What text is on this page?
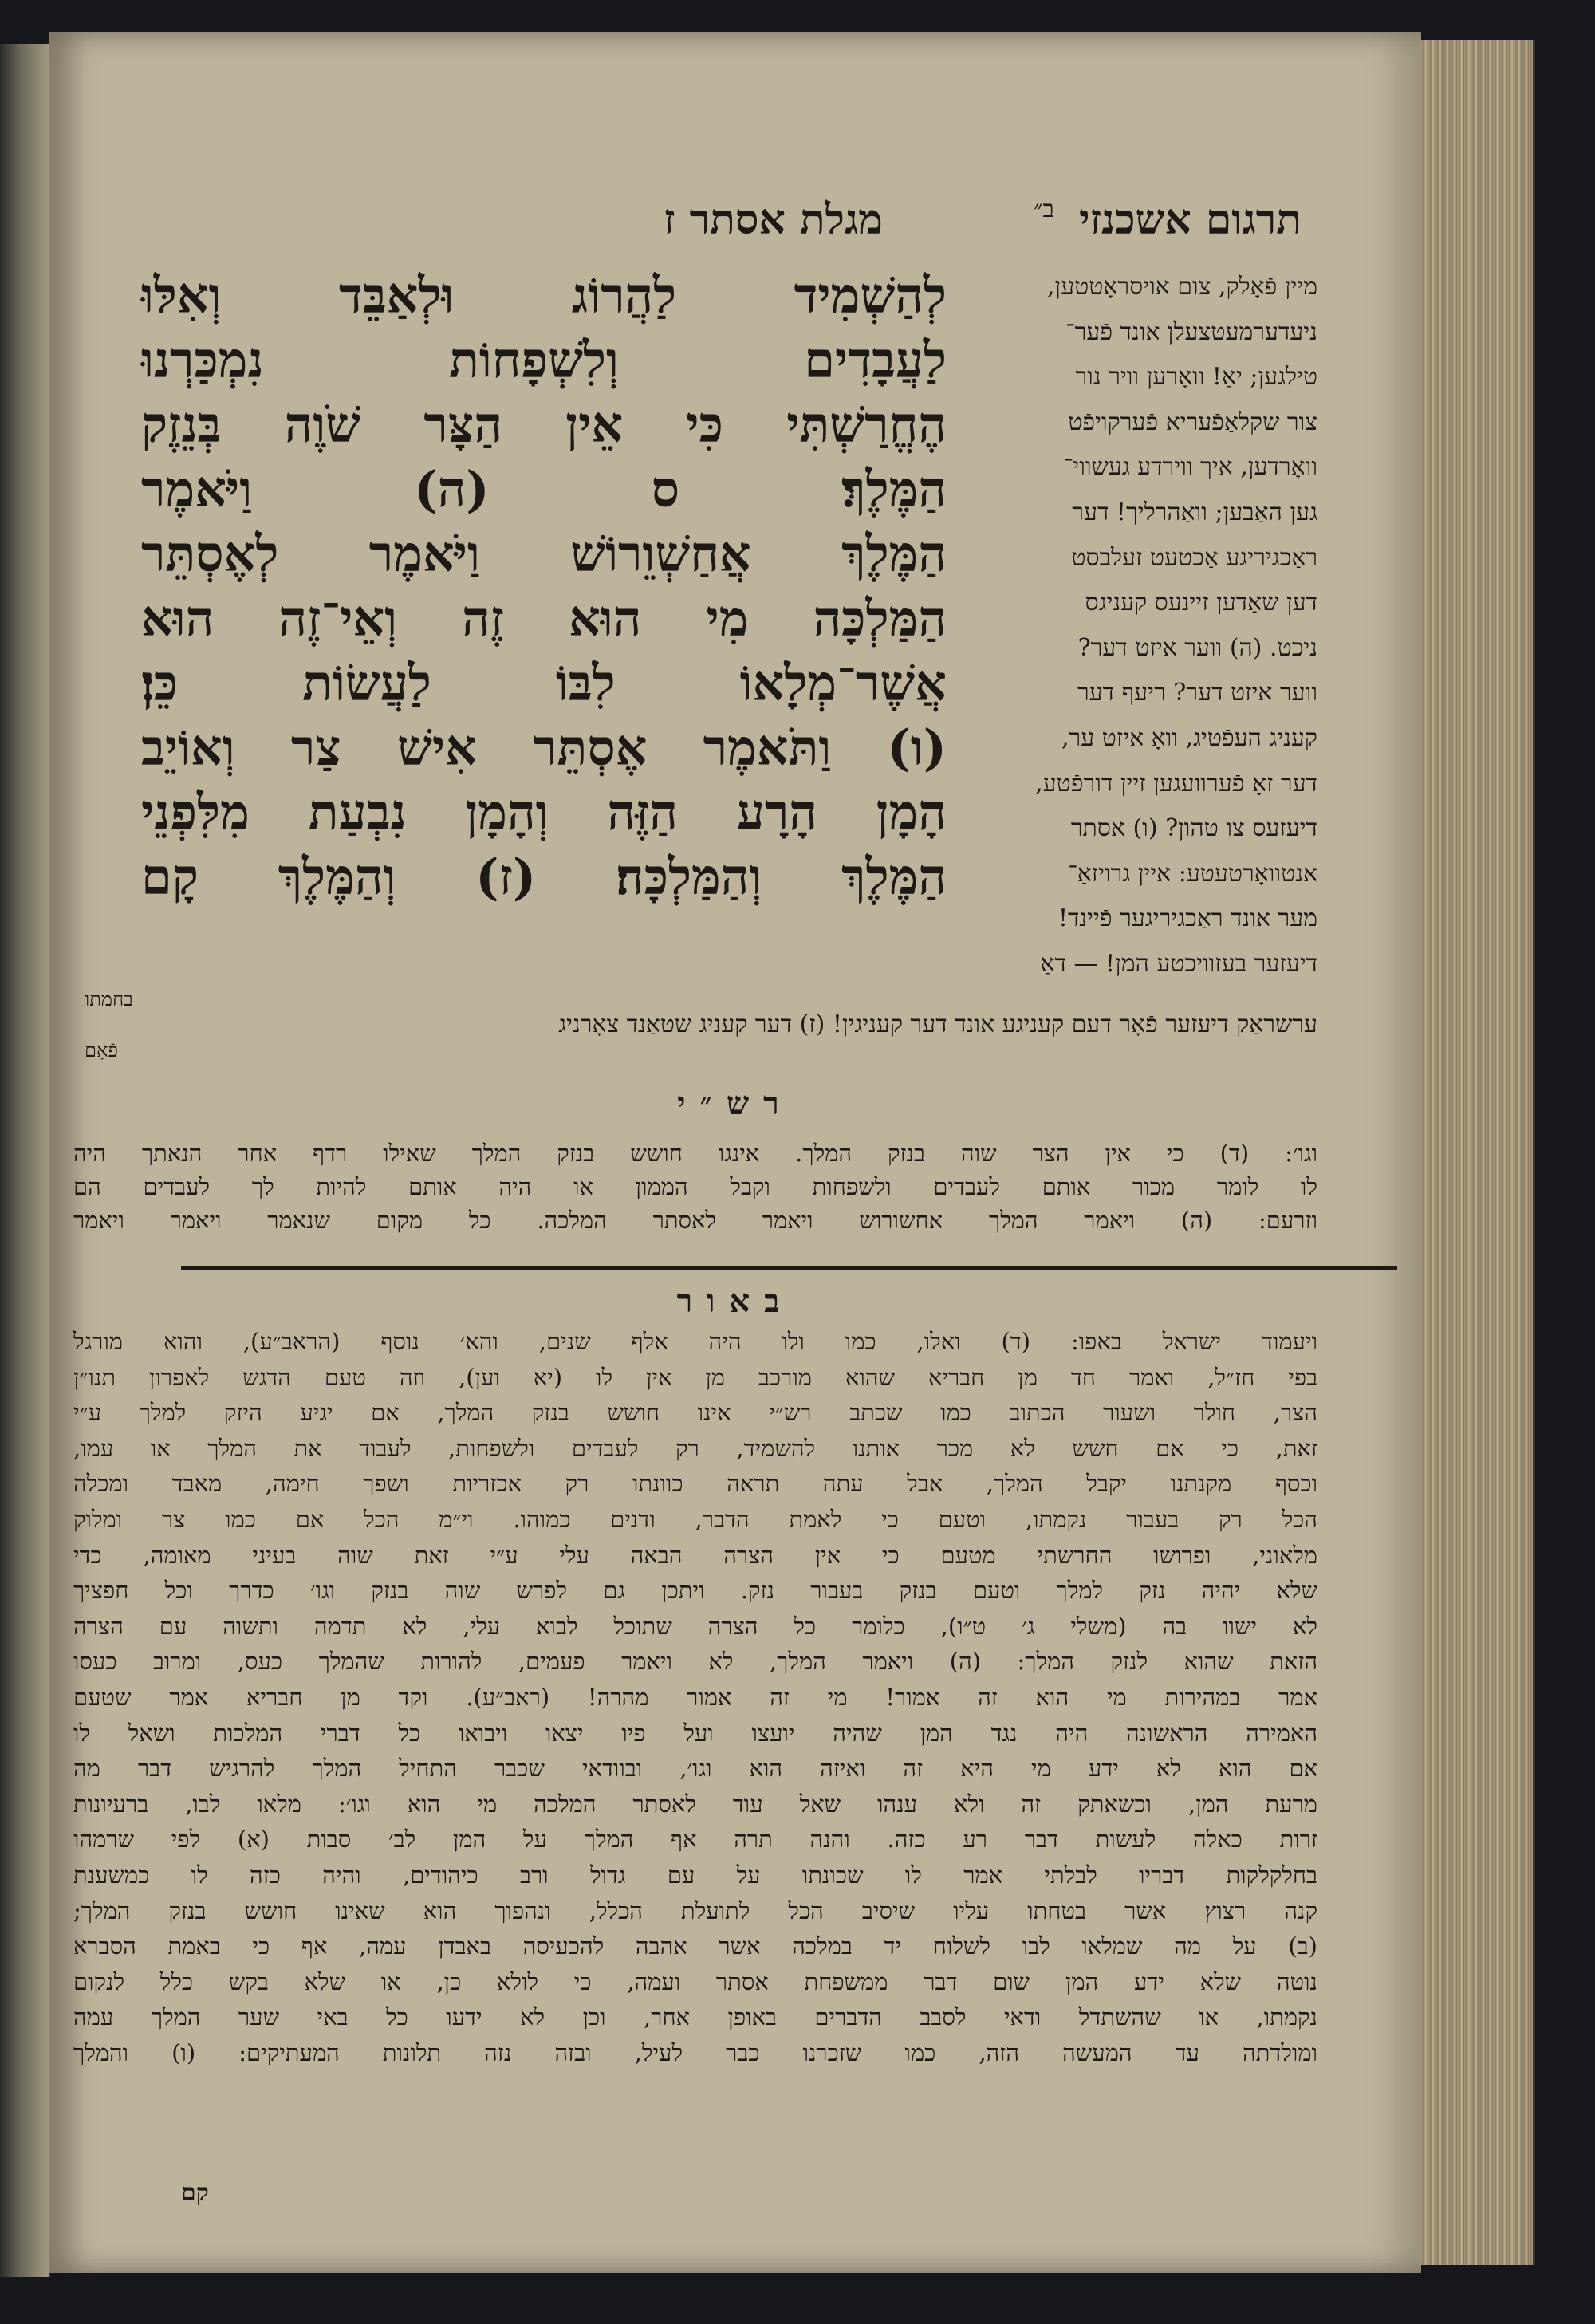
תרגום אשכנזי
ב״
מגלת אסתר ז
מיין פֿאָלק, צום אויסראָטטען,
ניעדערמעטצעלן אונד פֿער־
טילגען; יאַ! וואָרען וויר נור
צור שקלאַפֿעריא פֿערקויפֿט
וואָרדען, איך ווירדע געשווי־
גען האַבען; וואַהרליך! דער
ראַכגיריגע אַכטעט זעלבסט
דען שאַדען זיינעס קעניגס
ניכט. (ה) ווער איזט דער?
ווער איזט דער? ריעף דער
קעניג העפֿטיג, וואָ איזט ער,
דער זאָ פֿערוועגען זיין דורפֿטע,
דיעזעס צו טהון? (ו) אסתר
אנטוואָרטעטע: איין גרויזאַ־
מער אונד ראַכגיריגער פֿיינד!
דיעזער בעזוויכטע המן! — דאַ
לְהַשְׁמִיד לַהֲרוֹג וּלְאַבֵּד וְאִלּוּ
לַעֲבָדִים וְלִשְׁפָחוֹת נִמְכַּרְנוּ
הֶחֱרַשְׁתִּי כִּי אֵין הַצָּר שֹׁוֶה בְּנֵזֶק
הַמֶּלֶךְ׃ ס (ה) וַיֹּאמֶר
הַמֶּלֶךְ אֲחַשְׁוֵרוֹשׁ וַיֹּאמֶר לְאֶסְתֵּר
הַמַּלְכָּה מִי הוּא זֶה וְאֵי־זֶה הוּא
אֲשֶׁר־מְלָאוֹ לִבּוֹ לַעֲשׂוֹת כֵּן׃
(ו) וַתֹּאמֶר אֶסְתֵּר אִישׁ צַר וְאוֹיֵב
הָמָן הָרָע הַזֶּה וְהָמָן נִבְעַת מִלִּפְנֵי
הַמֶּלֶךְ וְהַמַּלְכָּה׃ (ז) וְהַמֶּלֶךְ קָם
בחמתו
ערשראַק דיעזער פֿאָר דעם קעניגע אונד דער קעניגין! (ז) דער קעניג שטאַנד צאָרניג
פֿאָם
רש״י
וגו׳: (ד) כי אין הצר שוה בנזק המלך. אינגו חושש בנזק המלך שאילו רדף אחר הנאתך היה
לו לומר מכור אותם לעבדים ולשפחות וקבל הממון או היה אותם להיות לך לעבדים הם
וזרעם: (ה) ויאמר המלך אחשורוש ויאמר לאסתר המלכה. כל מקום שנאמר ויאמר ויאמר
באור
ויעמוד ישראל באפו: (ד) ואלו, כמו ולו היה אלף שנים, והא׳ נוסף (הראב״ע), והוא מורגל
בפי חז״ל, ואמר חד מן חבריא שהוא מורכב מן אין לו (יא וען), וזה טעם הדגש לאפרון תנו״ן
הצר, חולר ושעור הכתוב כמו שכתב רש״י אינו חושש בנזק המלך, אם יגיע היזק למלך ע״י
זאת, כי אם חשש לא מכר אותנו להשמיד, רק לעבדים ולשפחות, לעבוד את המלך או עמו,
וכסף מקנתנו יקבל המלך, אבל עתה תראה כוונתו רק אכזריות ושפך חימה, מאבד ומכלה
הכל רק בעבור נקמתו, וטעם כי לאמת הדבר, ודנים כמוהו. וי״מ הכל אם כמו צר ומלוק
מלאוני, ופרושו החרשתי מטעם כי אין הצרה הבאה עלי ע״י זאת שוה בעיני מאומה, כדי
שלא יהיה נזק למלך וטעם בנזק בעבור נזק. ויתכן גם לפרש שוה בנזק וגו׳ כדרך וכל חפציך
לא ישוו בה (משלי ג׳ ט״ו), כלומר כל הצרה שתוכל לבוא עלי, לא תדמה ותשוה עם הצרה
הזאת שהוא לנזק המלך: (ה) ויאמר המלך, לא ויאמר פעמים, להורות שהמלך כעס, ומרוב כעסו
אמר במהירות מי הוא זה אמור! מי זה אמור מהרה! (ראב״ע). וקד מן חבריא אמר שטעם
האמירה הראשונה היה נגד המן שהיה יועצו ועל פיו יצאו ויבואו כל דברי המלכות ושאל לו
אם הוא לא ידע מי היא זה ואיזה הוא וגו׳, ובוודאי שכבר התחיל המלך להרגיש דבר מה
מרעת המן, וכשאתק זה ולא ענהו שאל עוד לאסתר המלכה מי הוא וגו׳: מלאו לבו, ברעיונות
זרות כאלה לעשות דבר רע כזה. והנה תרה אף המלך על המן לב׳ סבות (א) לפי שרמהו
בחלקלקות דבריו לבלתי אמר לו שכונתו על עם גדול ורב כיהודים, והיה כזה לו כמשענת
קנה רצוץ אשר בטחתו עליו שיסיב הכל לתועלת הכלל, ונהפוך הוא שאינו חושש בנזק המלך;
(ב) על מה שמלאו לבו לשלוח יד במלכה אשר אהבה להכעיסה באבדן עמה, אף כי באמת הסברא
נוטה שלא ידע המן שום דבר ממשפחת אסתר ועמה, כי לולא כן, או שלא בקש כלל לנקום
נקמתו, או שהשתדל ודאי לסבב הדברים באופן אחר, וכן לא ידעו כל באי שער המלך עמה
ומולדתה עד המעשה הזה, כמו שזכרנו כבר לעיל, ובזה נזה תלונות המעתיקים: (ו) והמלך
קם
